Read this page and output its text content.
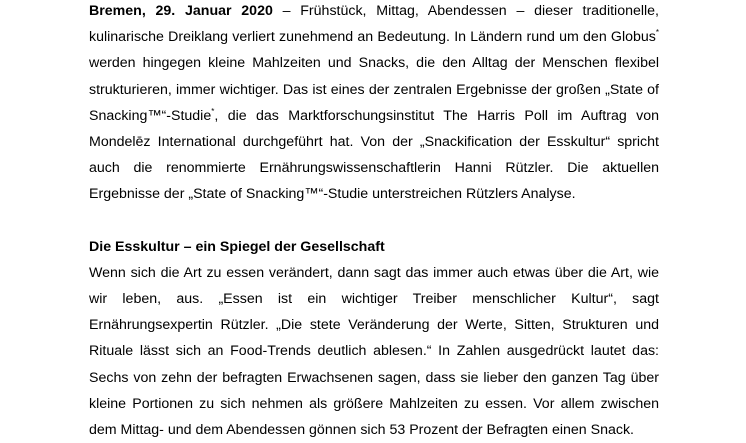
Bremen, 29. Januar 2020 – Frühstück, Mittag, Abendessen – dieser traditionelle, kulinarische Dreiklang verliert zunehmend an Bedeutung. In Ländern rund um den Globus* werden hingegen kleine Mahlzeiten und Snacks, die den Alltag der Menschen flexibel strukturieren, immer wichtiger. Das ist eines der zentralen Ergebnisse der großen „State of Snacking™“-Studie*, die das Marktforschungsinstitut The Harris Poll im Auftrag von Mondelēz International durchgeführt hat. Von der „Snackification der Esskultur“ spricht auch die renommierte Ernährungswissenschaftlerin Hanni Rützler. Die aktuellen Ergebnisse der „State of Snacking™“-Studie unterstreichen Rützlers Analyse.

Die Esskultur – ein Spiegel der Gesellschaft

Wenn sich die Art zu essen verändert, dann sagt das immer auch etwas über die Art, wie wir leben, aus. „Essen ist ein wichtiger Treiber menschlicher Kultur“, sagt Ernährungsexpertin Rützler. „Die stete Veränderung der Werte, Sitten, Strukturen und Rituale lässt sich an Food-Trends deutlich ablesen.“ In Zahlen ausgedrückt lautet das: Sechs von zehn der befragten Erwachsenen sagen, dass sie lieber den ganzen Tag über kleine Portionen zu sich nehmen als größere Mahlzeiten zu essen. Vor allem zwischen dem Mittag- und dem Abendessen gönnen sich 53 Prozent der Befragten einen Snack.
